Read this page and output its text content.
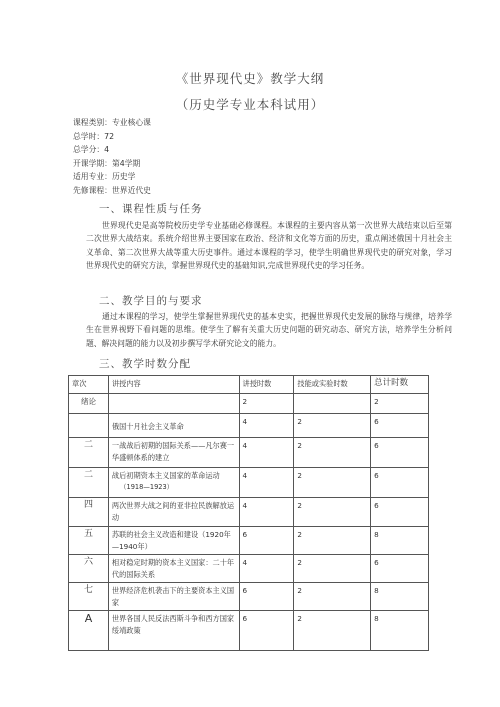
《世界现代史》教学大纲
（历史学专业本科试用）
课程类别：专业核心课
总学时：72
总学分：4
开课学期：第4学期
适用专业：历史学
先修课程：世界近代史
一、课程性质与任务
世界现代史是高等院校历史学专业基础必修课程。本课程的主要内容从第一次世界大战结束以后至第二次世界大战结束。系统介绍世界主要国家在政治、经济和文化等方面的历史，重点阐述俄国十月社会主义革命、第二次世界大战等重大历史事件。通过本课程的学习，使学生明确世界现代史的研究对象，学习世界现代史的研究方法，掌握世界现代史的基础知识,完成世界现代史的学习任务。
二、教学目的与要求
通过本课程的学习，使学生掌握世界现代史的基本史实，把握世界现代史发展的脉络与规律，培养学生在世界视野下看问题的思维。使学生了解有关重大历史问题的研究动态、研究方法，培养学生分析问题、解决问题的能力以及初步撰写学术研究论文的能力。
三、教学时数分配
章次	讲授内容	讲授时数	技能或实验时数	总计时数
绪论		2		2
	俄国十月社会主义革命	4	2	6
二	一战战后初期的国际关系——凡尔赛一华盛顿体系的建立	4	2	6
二	战后初期资本主义国家的革命运动
（1918—1923）	4	2	6
四	两次世界大战之间的亚非拉民族解放运动	4	2	6
五	苏联的社会主义改造和建设（1920年—1940年）	6	2	8
六	相对稳定时期的资本主义国家：二十年代的国际关系	4	2	6
七	世界经济危机袭击下的主要资本主义国家	6	2	8
A	世界各国人民反法西斯斗争和西方国家绥靖政策	6	2	8
